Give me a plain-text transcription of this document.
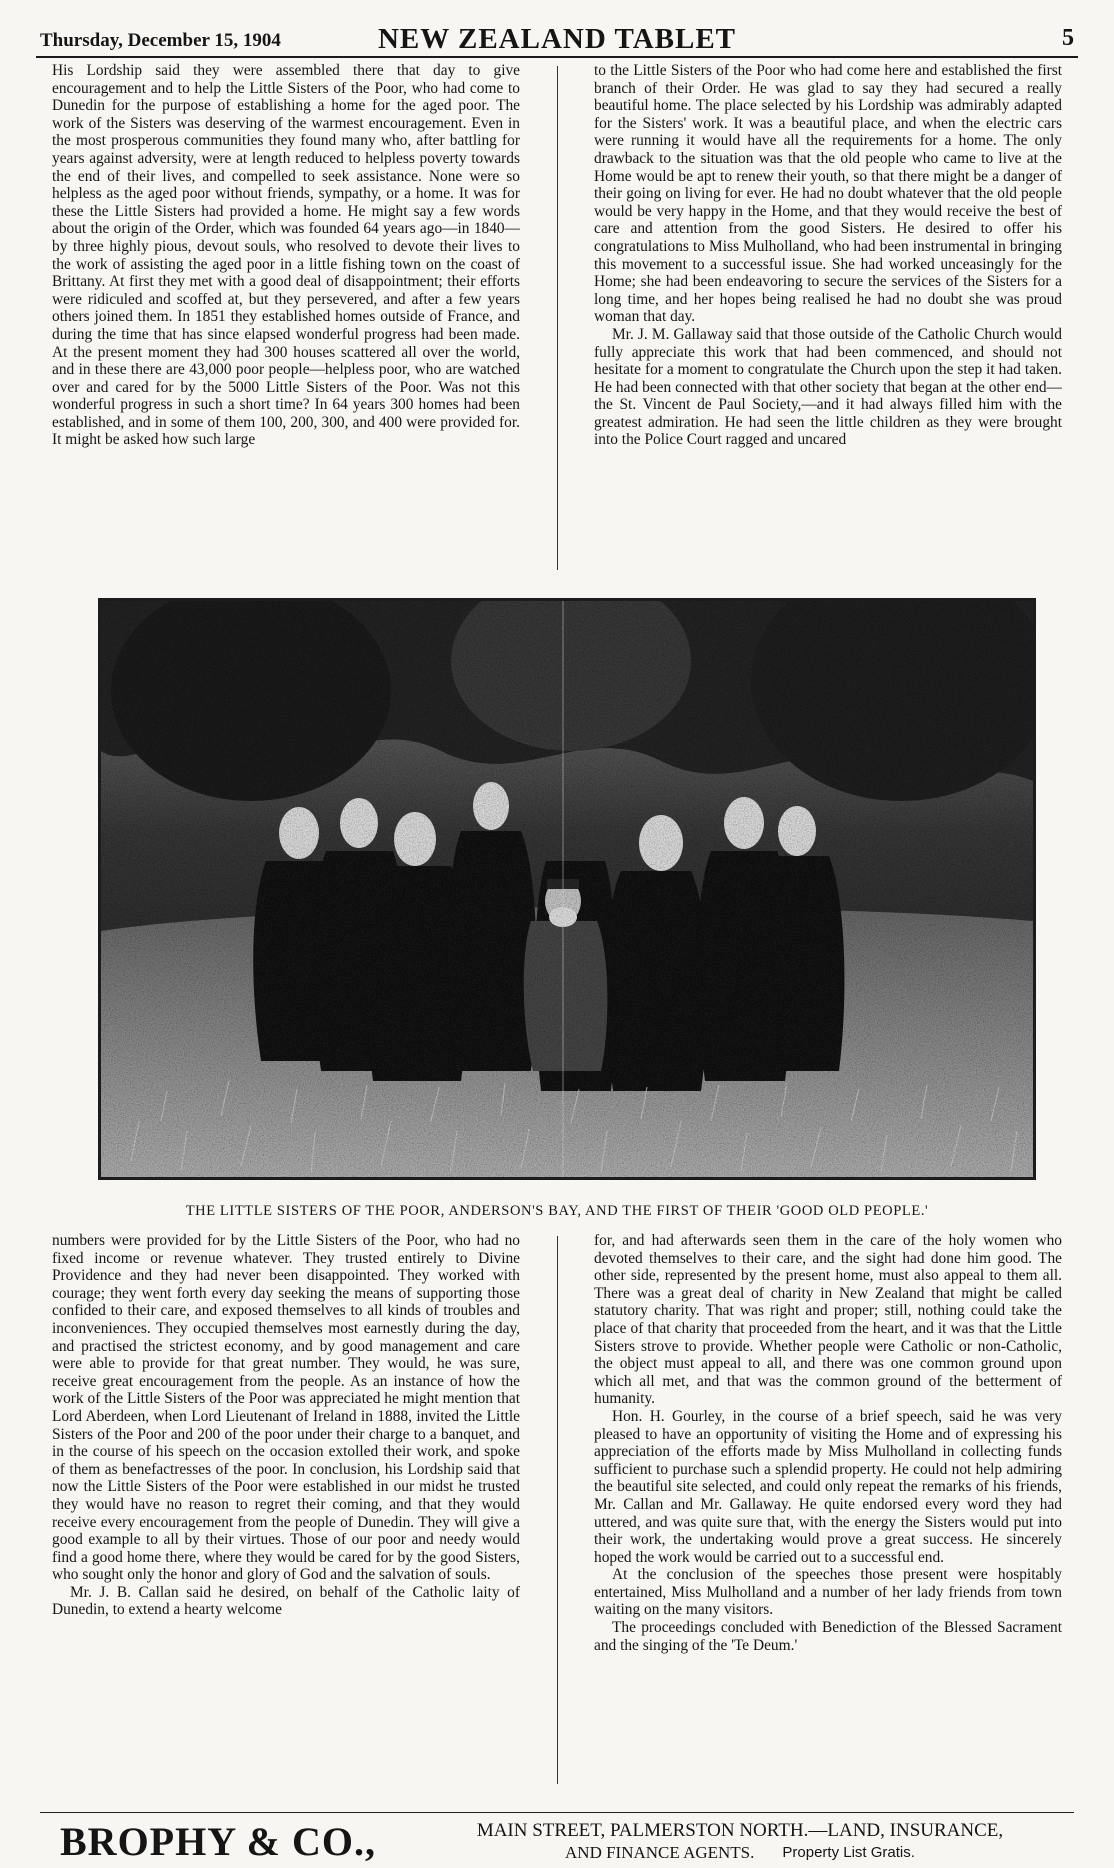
Thursday, December 15, 1904	NEW ZEALAND TABLET	5

His Lordship said they were assembled there that day to give encouragement and to help the Little Sisters of the Poor, who had come to Dunedin for the purpose of establishing a home for the aged poor. The work of the Sisters was deserving of the warmest encouragement. Even in the most prosperous communities they found many who, after battling for years against adversity, were at length reduced to helpless poverty towards the end of their lives, and compelled to seek assistance. None were so helpless as the aged poor without friends, sympathy, or a home. It was for these the Little Sisters had provided a home. He might say a few words about the origin of the Order, which was founded 64 years ago—in 1840—by three highly pious, devout souls, who resolved to devote their lives to the work of assisting the aged poor in a little fishing town on the coast of Brittany. At first they met with a good deal of disappointment; their efforts were ridiculed and scoffed at, but they persevered, and after a few years others joined them. In 1851 they established homes outside of France, and during the time that has since elapsed wonderful progress had been made. At the present moment they had 300 houses scattered all over the world, and in these there are 43,000 poor people—helpless poor, who are watched over and cared for by the 5000 Little Sisters of the Poor. Was not this wonderful progress in such a short time? In 64 years 300 homes had been established, and in some of them 100, 200, 300, and 400 were provided for. It might be asked how such large

to the Little Sisters of the Poor who had come here and established the first branch of their Order. He was glad to say they had secured a really beautiful home. The place selected by his Lordship was admirably adapted for the Sisters' work. It was a beautiful place, and when the electric cars were running it would have all the requirements for a home. The only drawback to the situation was that the old people who came to live at the Home would be apt to renew their youth, so that there might be a danger of their going on living for ever. He had no doubt whatever that the old people would be very happy in the Home, and that they would receive the best of care and attention from the good Sisters. He desired to offer his congratulations to Miss Mulholland, who had been instrumental in bringing this movement to a successful issue. She had worked unceasingly for the Home; she had been endeavoring to secure the services of the Sisters for a long time, and her hopes being realised he had no doubt she was proud woman that day.

Mr. J. M. Gallaway said that those outside of the Catholic Church would fully appreciate this work that had been commenced, and should not hesitate for a moment to congratulate the Church upon the step it had taken. He had been connected with that other society that began at the other end—the St. Vincent de Paul Society,—and it had always filled him with the greatest admiration. He had seen the little children as they were brought into the Police Court ragged and uncared

THE LITTLE SISTERS OF THE POOR, ANDERSON'S BAY, AND THE FIRST OF THEIR 'GOOD OLD PEOPLE.'

numbers were provided for by the Little Sisters of the Poor, who had no fixed income or revenue whatever. They trusted entirely to Divine Providence and they had never been disappointed. They worked with courage; they went forth every day seeking the means of supporting those confided to their care, and exposed themselves to all kinds of troubles and inconveniences. They occupied themselves most earnestly during the day, and practised the strictest economy, and by good management and care were able to provide for that great number. They would, he was sure, receive great encouragement from the people. As an instance of how the work of the Little Sisters of the Poor was appreciated he might mention that Lord Aberdeen, when Lord Lieutenant of Ireland in 1888, invited the Little Sisters of the Poor and 200 of the poor under their charge to a banquet, and in the course of his speech on the occasion extolled their work, and spoke of them as benefactresses of the poor. In conclusion, his Lordship said that now the Little Sisters of the Poor were established in our midst he trusted they would have no reason to regret their coming, and that they would receive every encouragement from the people of Dunedin. They will give a good example to all by their virtues. Those of our poor and needy would find a good home there, where they would be cared for by the good Sisters, who sought only the honor and glory of God and the salvation of souls.

Mr. J. B. Callan said he desired, on behalf of the Catholic laity of Dunedin, to extend a hearty welcome

for, and had afterwards seen them in the care of the holy women who devoted themselves to their care, and the sight had done him good. The other side, represented by the present home, must also appeal to them all. There was a great deal of charity in New Zealand that might be called statutory charity. That was right and proper; still, nothing could take the place of that charity that proceeded from the heart, and it was that the Little Sisters strove to provide. Whether people were Catholic or non-Catholic, the object must appeal to all, and there was one common ground upon which all met, and that was the common ground of the betterment of humanity.

Hon. H. Gourley, in the course of a brief speech, said he was very pleased to have an opportunity of visiting the Home and of expressing his appreciation of the efforts made by Miss Mulholland in collecting funds sufficient to purchase such a splendid property. He could not help admiring the beautiful site selected, and could only repeat the remarks of his friends, Mr. Callan and Mr. Gallaway. He quite endorsed every word they had uttered, and was quite sure that, with the energy the Sisters would put into their work, the undertaking would prove a great success. He sincerely hoped the work would be carried out to a successful end.

At the conclusion of the speeches those present were hospitably entertained, Miss Mulholland and a number of her lady friends from town waiting on the many visitors.

The proceedings concluded with Benediction of the Blessed Sacrament and the singing of the 'Te Deum.'

BROPHY & CO.,	MAIN STREET, PALMERSTON NORTH.—LAND, INSURANCE,
AND FINANCE AGENTS. Property List Gratis.
